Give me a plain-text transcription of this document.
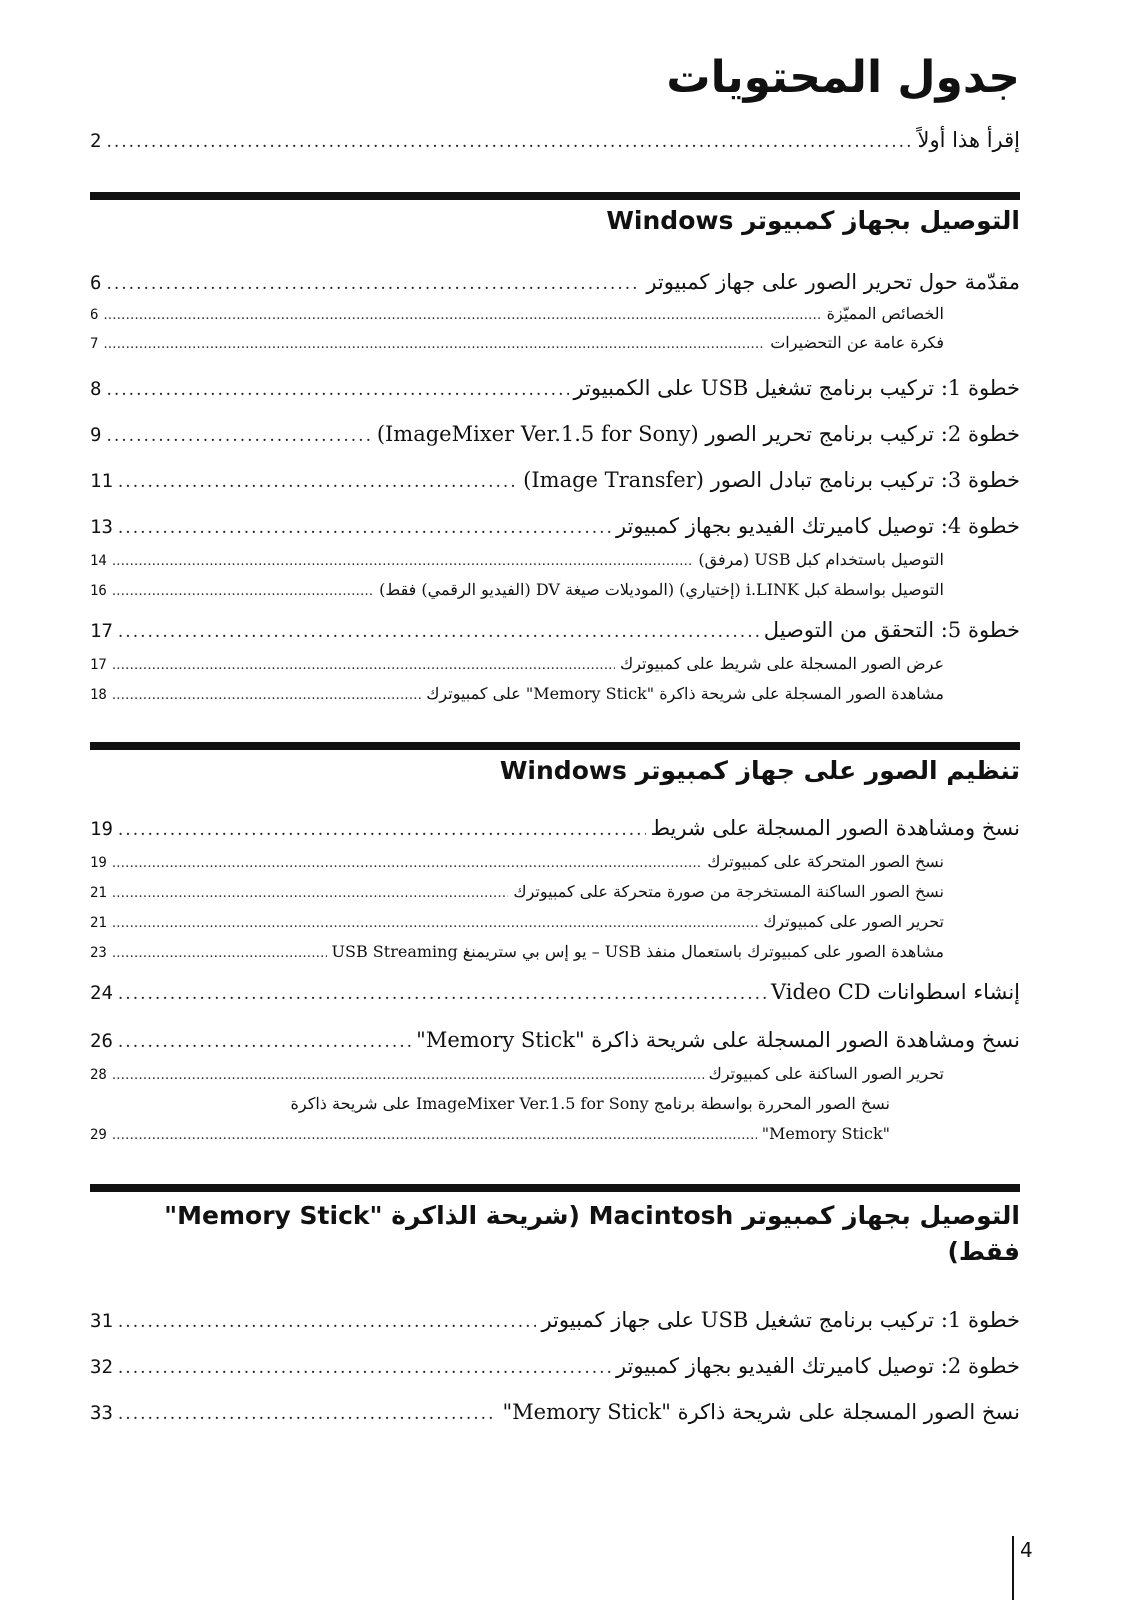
جدول المحتويات
إقرأ هذا أولاً
.....
2
التوصيل بجهاز كمبيوتر Windows
مقدّمة حول تحرير الصور على جهاز كمبيوتر
.....
6
الخصائص المميّزة
.....
6
فكرة عامة عن التحضيرات
.....
7
خطوة 1: تركيب برنامج تشغيل USB على الكمبيوتر
.....
8
خطوة 2: تركيب برنامج تحرير الصور (ImageMixer Ver.1.5 for Sony)
.....
9
خطوة 3: تركيب برنامج تبادل الصور (Image Transfer)
.....
11
خطوة 4: توصيل كاميرتك الفيديو بجهاز كمبيوتر
.....
13
التوصيل باستخدام كبل USB (مرفق)
.....
14
التوصيل بواسطة كبل i.LINK (إختياري) (الموديلات صيغة DV (الفيديو الرقمي) فقط)
.....
16
خطوة 5: التحقق من التوصيل
.....
17
عرض الصور المسجلة على شريط على كمبيوترك
.....
17
مشاهدة الصور المسجلة على شريحة ذاكرة "Memory Stick" على كمبيوترك
.....
18
تنظيم الصور على جهاز كمبيوتر Windows
نسخ ومشاهدة الصور المسجلة على شريط
.....
19
نسخ الصور المتحركة على كمبيوترك
.....
19
نسخ الصور الساكنة المستخرجة من صورة متحركة على كمبيوترك
.....
21
تحرير الصور على كمبيوترك
.....
21
مشاهدة الصور على كمبيوترك باستعمال منفذ USB – يو إس بي ستريمنغ USB Streaming
.....
23
إنشاء اسطوانات Video CD
.....
24
نسخ ومشاهدة الصور المسجلة على شريحة ذاكرة "Memory Stick"
.....
26
تحرير الصور الساكنة على كمبيوترك
.....
28
نسخ الصور المحررة بواسطة برنامج ImageMixer Ver.1.5 for Sony على شريحة ذاكرة
"Memory Stick"
.....
29
التوصيل بجهاز كمبيوتر Macintosh (شريحة الذاكرة "Memory Stick" فقط)
خطوة 1: تركيب برنامج تشغيل USB على جهاز كمبيوتر
.....
31
خطوة 2: توصيل كاميرتك الفيديو بجهاز كمبيوتر
.....
32
نسخ الصور المسجلة على شريحة ذاكرة "Memory Stick"
.....
33
4
